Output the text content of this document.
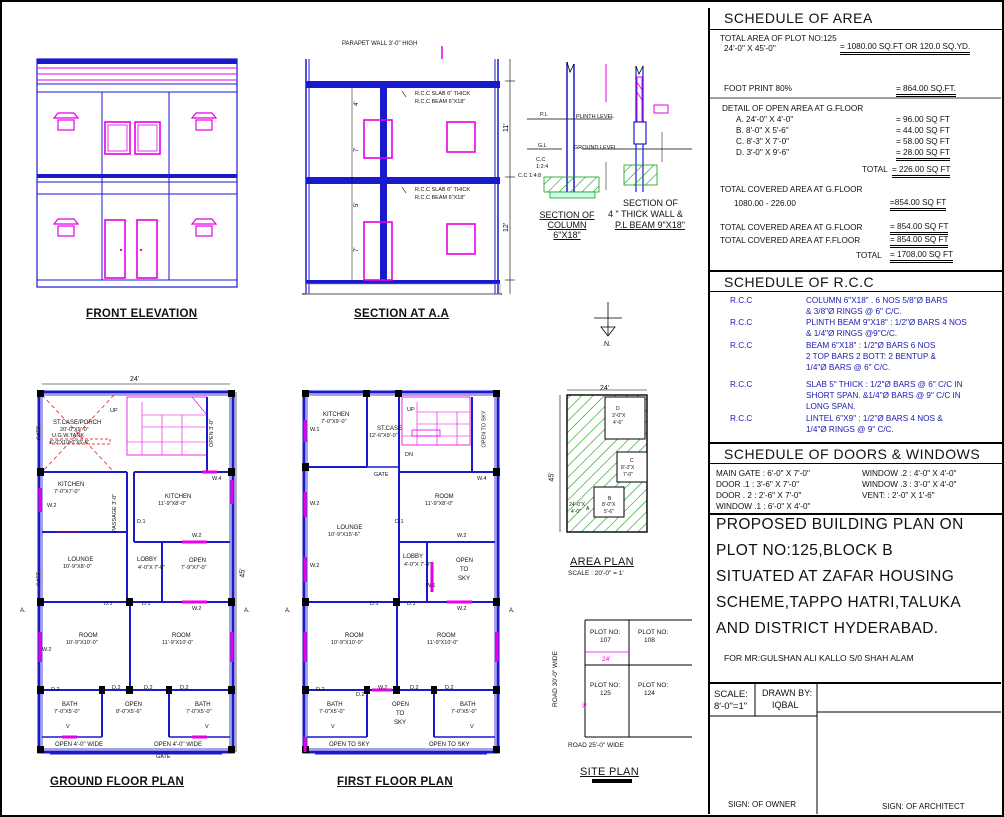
11'
12'
4'
7'
5'
7'
FRONT ELEVATION	SECTION AT A.A
GROUND FLOOR PLAN	FIRST FLOOR PLAN
AREA PLAN
SCALE : 20'-0" = 1'
SITE PLAN
SECTION OF COLUMN 6"X18"
SECTION OF
4 " THICK WALL &
P.L BEAM 9"X18"
PARAPET WALL 3'-0" HIGH
R.C.C SLAB 6" THICK
R.C.C BEAM 6"X18"
R.C.C SLAB 6" THICK
R.C.C BEAM 6"X18"
PLINTH LEVEL
GROUND LEVEL
P.L
G.L
C.C
1:2:4
C.C 1:4:8
.N.
24'
45'
ST.CASE/PORCH
20'-0"X9'-0"
UP
U.G.W.TANK
6'-0"X10'-0"X5'-0"	OPEN 3'-0"
KITCHEN
7'-0"X7'-0"
KITCHEN
11'-9"X8'-0"
PASSAGE 3'-0"
LOUNGE
10'-9"X8'-0"
LOBBY
4'-0"X 7'-0"
OPEN
7'-9"X7'-0"
ROOM
10'-9"X10'-0"
ROOM
11'-9"X10'-0"
BATH
7'-0"X5'-0"
OPEN
8'-0"X5'-6"
BATH
7'-0"X5'-0"
OPEN 4'-0" WIDE	OPEN 4'-0" WIDE
GATE
GATE
GATE
W.2
W.4
W.2
W.2
W.2
D.1
D.1	D.1
D.2	D.2	D.2	D.2
V	V
A.	A.
KITCHEN
7'-0"X9'-0"
ST.CASE
12'-6"X9'-0"
UP
DN
OPEN TO SKY
GATE
ROOM
11'-9"X8'-0"
LOUNGE
10'-9"X15'-6"
LOBBY
4'-0"X 7'-0"
OPEN
TO
SKY
ROOM
10'-9"X10'-0"
ROOM
11'-9"X10'-0"
BATH
7'-0"X5'-0"
OPEN
TO
SKY
BATH
7'-0"X5'-0"
OPEN TO SKY	OPEN TO SKY
W.1
W.1
W.2
W.2
W.2
W.2
W.2
W.4
D.1
D.1	D.1
D.2
D.2
D.2	D.2
V	V
A.	A.
24'
45'
D
3'-0"X
4'-6"
C
8'-3"X
7'-0"
24'-0"X
4'-0" A
B
8'-0"X
5'-6"
PLOT NO:
107
PLOT NO:
108
24'
PLOT NO:
125
PLOT NO:
124
45'
ROAD 30'-0" WIDE
ROAD 25'-0" WIDE
SCHEDULE OF AREA
TOTAL AREA OF PLOT NO:125
24'-0" X 45'-0"	= 1080.00 SQ.FT OR 120.0 SQ.YD.
FOOT PRINT 80%	= 864.00 SQ.FT.
DETAIL OF OPEN AREA AT G.FLOOR
A. 24'-0" X 4'-0"	= 96.00 SQ FT
B. 8'-0" X 5'-6"	= 44.00 SQ FT
C. 8'-3" X 7'-0"	= 58.00 SQ FT
D. 3'-0" X 9'-6"	= 28.00 SQ FT
TOTAL = 226.00 SQ FT
TOTAL COVERED AREA AT G.FLOOR
1080.00 - 226.00	=854.00 SQ FT
TOTAL COVERED AREA AT G.FLOOR	= 854.00 SQ FT
TOTAL COVERED AREA AT F.FLOOR	= 854.00 SQ FT
TOTAL = 1708.00 SQ FT
SCHEDULE OF R.C.C
R.C.C	COLUMN 6"X18" . 6 NOS 5/8"Ø BARS
& 3/8"Ø RINGS @ 6" C/C.
R.C.C	PLINTH BEAM 9"X18" : 1/2"Ø BARS 4 NOS
& 1/4"Ø RINGS @9"C/C.
R.C.C	BEAM 6"X18" : 1/2"Ø BARS 6 NOS
2 TOP BARS 2 BOTT: 2 BENTUP &
1/4"Ø BARS @ 6" C/C.
R.C.C	SLAB 5" THICK : 1/2"Ø BARS @ 6" C/C IN
SHORT SPAN. &1/4"Ø BARS @ 9" C/C IN
LONG SPAN.
R.C.C	LINTEL 6"X9" : 1/2"Ø BARS 4 NOS &
1/4"Ø RINGS @ 9" C/C.
SCHEDULE OF DOORS & WINDOWS
MAIN GATE : 6'-0" X 7'-0"
DOOR .1 : 3'-6" X 7'-0"
DOOR . 2 : 2'-6" X 7'-0"
WINDOW .1 : 6'-0" X 4'-0"
WINDOW .2 : 4'-0" X 4'-0"
WINDOW .3 : 3'-0" X 4'-0"
VENT: : 2'-0" X 1'-6"
PROPOSED BUILDING PLAN ON
PLOT NO:125,BLOCK B
SITUATED AT ZAFAR HOUSING
SCHEME,TAPPO HATRI,TALUKA
AND DISTRICT HYDERABAD.
FOR MR:GULSHAN ALI KALLO S/0 SHAH ALAM
SCALE:
8'-0"=1"
DRAWN BY:
IQBAL
SIGN: OF OWNER	SIGN: OF ARCHITECT
